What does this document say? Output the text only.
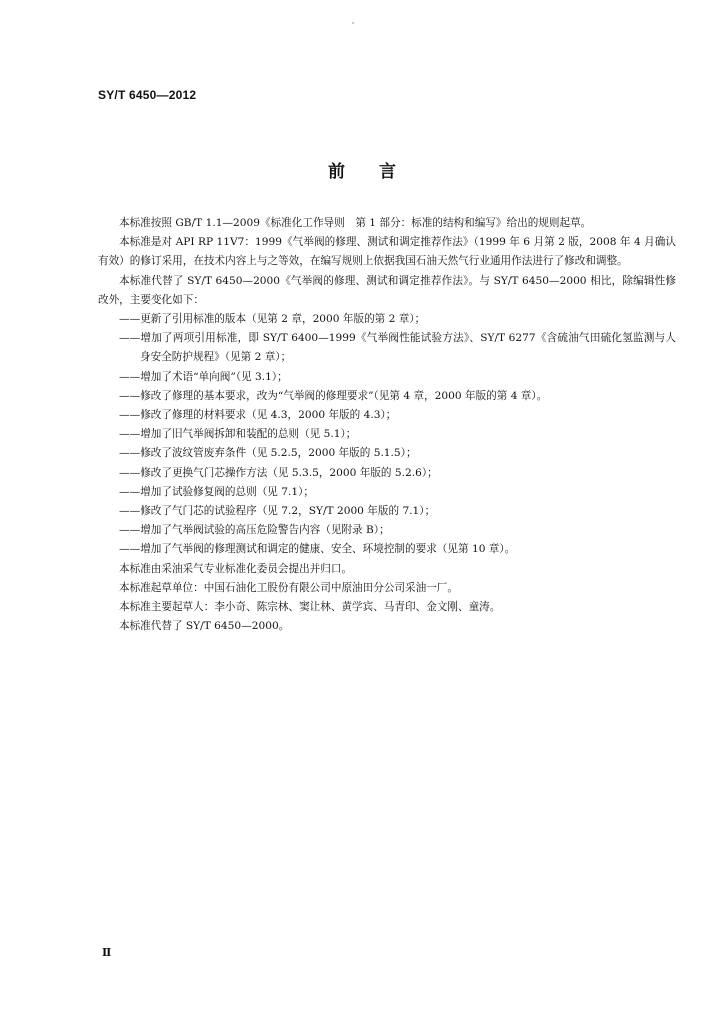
SY/T 6450—2012
前言

本标准按照 GB/T 1.1—2009《标准化工作导则　第 1 部分：标准的结构和编写》给出的规则起草。

本标准是对 API RP 11V7：1999《气举阀的修理、测试和调定推荐作法》（1999 年 6 月第 2 版，2008 年 4 月确认有效）的修订采用，在技术内容上与之等效，在编写规则上依据我国石油天然气行业通用作法进行了修改和调整。

本标准代替了 SY/T 6450—2000《气举阀的修理、测试和调定推荐作法》。与 SY/T 6450—2000 相比，除编辑性修改外，主要变化如下：

——更新了引用标准的版本（见第 2 章，2000 年版的第 2 章）；
——增加了两项引用标准，即 SY/T 6400—1999《气举阀性能试验方法》、SY/T 6277《含硫油气田硫化氢监测与人身安全防护规程》（见第 2 章）；
——增加了术语“单向阀”（见 3.1）；
——修改了修理的基本要求，改为“气举阀的修理要求”（见第 4 章，2000 年版的第 4 章）。
——修改了修理的材料要求（见 4.3，2000 年版的 4.3）；
——增加了旧气举阀拆卸和装配的总则（见 5.1）；
——修改了波纹管废弃条件（见 5.2.5，2000 年版的 5.1.5）；
——修改了更换气门芯操作方法（见 5.3.5，2000 年版的 5.2.6）；
——增加了试验修复阀的总则（见 7.1）；
——修改了气门芯的试验程序（见 7.2，SY/T 2000 年版的 7.1）；
——增加了气举阀试验的高压危险警告内容（见附录 B）；
——增加了气举阀的修理测试和调定的健康、安全、环境控制的要求（见第 10 章）。

本标准由采油采气专业标准化委员会提出并归口。

本标准起草单位：中国石油化工股份有限公司中原油田分公司采油一厂。

本标准主要起草人：李小奇、陈宗林、窦让林、黄学宾、马青印、金文刚、童涛。

本标准代替了 SY/T 6450—2000。

Ⅱ
